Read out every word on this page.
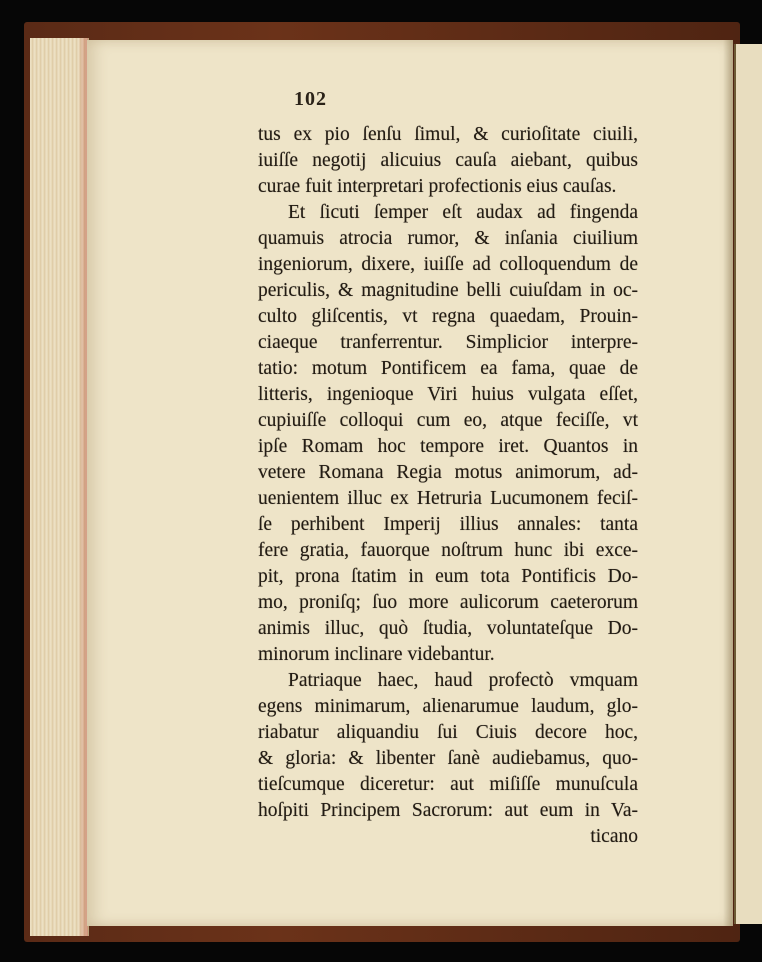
102
tus ex pio ſenſu ſimul, & curioſitate ciuili,
iuiſſe negotij alicuius cauſa aiebant, quibus
curae fuit interpretari profectionis eius cauſas.
Et ſicuti ſemper eſt audax ad fingenda
quamuis atrocia rumor, & inſania ciuilium
ingeniorum, dixere, iuiſſe ad colloquendum de
periculis, & magnitudine belli cuiuſdam in oc-
culto gliſcentis, vt regna quaedam, Prouin-
ciaeque tranferrentur. Simplicior interpre-
tatio: motum Pontificem ea fama, quae de
litteris, ingenioque Viri huius vulgata eſſet,
cupiuiſſe colloqui cum eo, atque feciſſe, vt
ipſe Romam hoc tempore iret. Quantos in
vetere Romana Regia motus animorum, ad-
uenientem illuc ex Hetruria Lucumonem feciſ-
ſe perhibent Imperij illius annales: tanta
fere gratia, fauorque noſtrum hunc ibi exce-
pit, prona ſtatim in eum tota Pontificis Do-
mo, proniſq; ſuo more aulicorum caeterorum
animis illuc, quò ſtudia, voluntateſque Do-
minorum inclinare videbantur.
Patriaque haec, haud profectò vmquam
egens minimarum, alienarumue laudum, glo-
riabatur aliquandiu ſui Ciuis decore hoc,
& gloria: & libenter ſanè audiebamus, quo-
tieſcumque diceretur: aut miſiſſe munuſcula
hoſpiti Principem Sacrorum: aut eum in Va-
ticano
